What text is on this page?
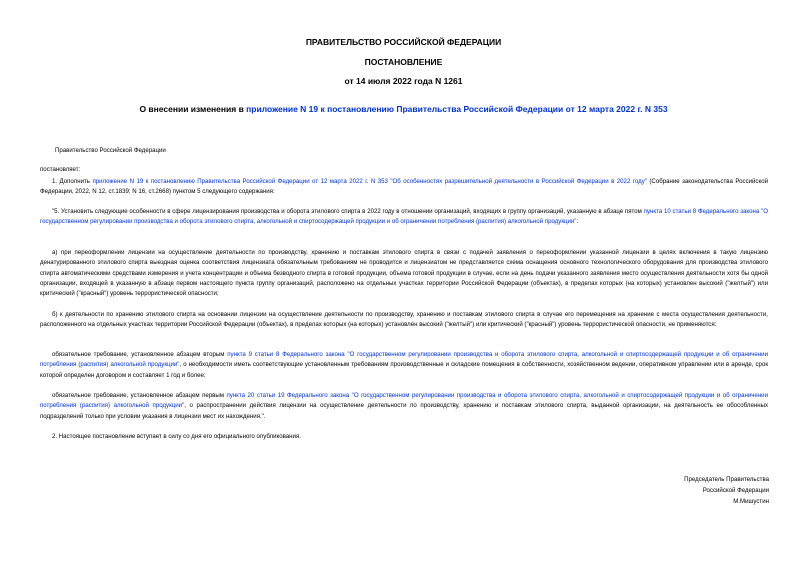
ПРАВИТЕЛЬСТВО РОССИЙСКОЙ ФЕДЕРАЦИИ
ПОСТАНОВЛЕНИЕ
от 14 июля 2022 года N 1261
О внесении изменения в приложение N 19 к постановлению Правительства Российской Федерации от 12 марта 2022 г. N 353
Правительство Российской Федерации
постановляет:
1. Дополнить приложение N 19 к постановлению Правительства Российской Федерации от 12 марта 2022 г. N 353 "Об особенностях разрешительной деятельности в Российской Федерации в 2022 году" (Собрание законодательства Российской Федерации, 2022, N 12, ст.1839; N 16, ст.2668) пунктом 5 следующего содержания:
"5. Установить следующие особенности в сфере лицензирования производства и оборота этилового спирта в 2022 году в отношении организаций, входящих в группу организаций, указанную в абзаце пятом пункта 10 статьи 8 Федерального закона "О государственном регулировании производства и оборота этилового спирта, алкогольной и спиртосодержащей продукции и об ограничении потребления (распития) алкогольной продукции":
а) при переоформлении лицензии на осуществление деятельности по производству, хранению и поставкам этилового спирта в связи с подачей заявления о переоформлении указанной лицензии в целях включения в такую лицензию денатурированного этилового спирта выездная оценка соответствия лицензиата обязательным требованиям не проводится и лицензиатом не представляется схема оснащения основного технологического оборудования для производства этилового спирта автоматическими средствами измерения и учета концентрации и объема безводного спирта в готовой продукции, объема готовой продукции в случае, если на день подачи указанного заявления место осуществления деятельности хотя бы одной организации, входящей в указанную в абзаце первом настоящего пункта группу организаций, расположено на отдельных участках территории Российской Федерации (объектах), в пределах которых (на которых) установлен высокий ("желтый") или критический ("красный") уровень террористической опасности;
б) к деятельности по хранению этилового спирта на основании лицензии на осуществление деятельности по производству, хранению и поставкам этилового спирта в случае его перемещения на хранение с места осуществления деятельности, расположенного на отдельных участках территории Российской Федерации (объектах), в пределах которых (на которых) установлен высокий ("желтый") или критический ("красный") уровень террористической опасности, не применяются:
обязательное требование, установленное абзацем вторым пункта 9 статьи 8 Федерального закона "О государственном регулировании производства и оборота этилового спирта, алкогольной и спиртосодержащей продукции и об ограничении потребления (распития) алкогольной продукции", о необходимости иметь соответствующие установленным требованиям производственные и складские помещения в собственности, хозяйственном ведении, оперативном управлении или в аренде, срок которой определен договором и составляет 1 год и более;
обязательное требование, установленное абзацем первым пункта 20 статьи 19 Федерального закона "О государственном регулировании производства и оборота этилового спирта, алкогольной и спиртосодержащей продукции и об ограничении потребления (распития) алкогольной продукции", о распространении действия лицензии на осуществление деятельности по производству, хранению и поставкам этилового спирта, выданной организации, на деятельность ее обособленных подразделений только при условии указания в лицензии мест их нахождения.".
2. Настоящее постановление вступает в силу со дня его официального опубликования.
Председатель Правительства
Российской Федерации
М.Мишустин
